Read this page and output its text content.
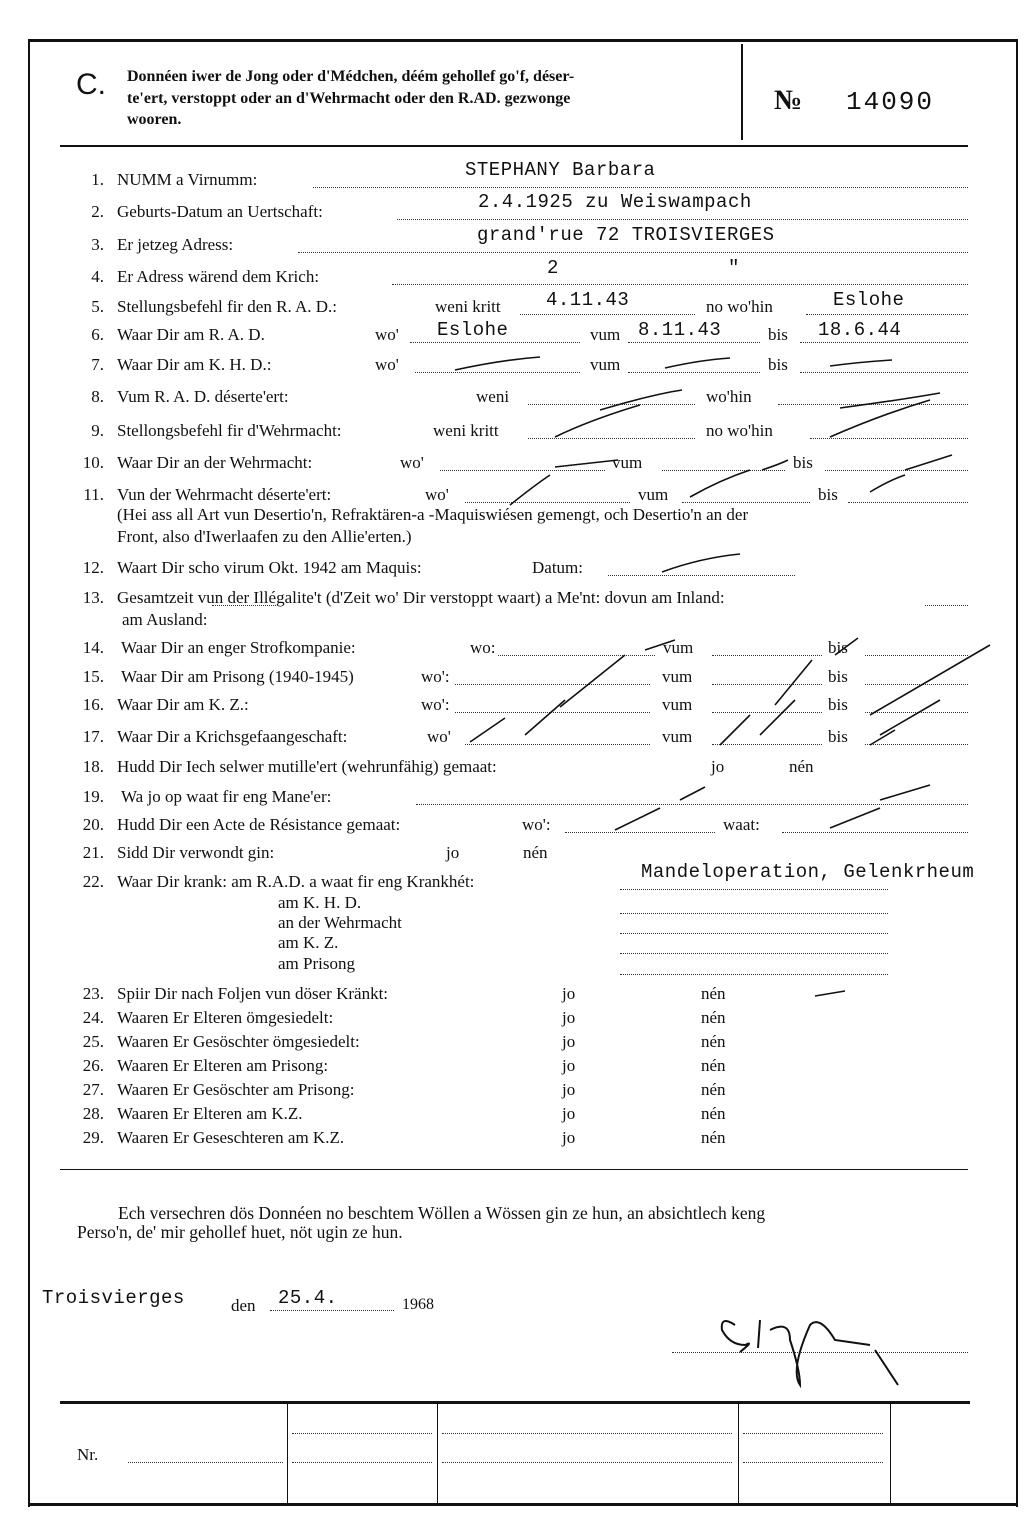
C. Donnéen iwer de Jong oder d'Médchen, déém gehollef go'f, déser-
te'ert, verstoppt oder an d'Wehrmacht oder den R.AD. gezwonge
wooren.
№ 14090
1. NUMM a Virnumm:	STEPHANY Barbara
2. Geburts-Datum an Uertschaft:	2.4.1925 zu Weiswampach
3. Er jetzeg Adress:	grand'rue 72 TROISVIERGES
4. Er Adress wärend dem Krich:	2	"
5. Stellungsbefehl fir den R. A. D.:	weni kritt 4.11.43	no wo'hin	Eslohe
6. Waar Dir am R. A. D.	wo' Eslohe	vum 8.11.43	bis 18.6.44
7. Waar Dir am K. H. D.:	wo'	vum	bis
8. Vum R. A. D. déserte'ert:	weni	wo'hin
9. Stellongsbefehl fir d'Wehrmacht:	weni kritt	no wo'hin
10. Waar Dir an der Wehrmacht:	wo'	vum	bis
11. Vun der Wehrmacht déserte'ert:	wo'	vum	bis
(Hei ass all Art vun Desertio'n, Refraktären-a -Maquiswiésen gemengt, och Desertio'n an der
Front, also d'Iwerlaafen zu den Allie'erten.)
12. Waart Dir scho virum Okt. 1942 am Maquis:	Datum:
13. Gesamtzeit vun der Illégalite't (d'Zeit wo' Dir verstoppt waart) a Me'nt: dovun am Inland:
am Ausland:
14. Waar Dir an enger Strofkompanie:	wo:	vum	bis
15. Waar Dir am Prisong (1940-1945)	wo':	vum	bis
16. Waar Dir am K. Z.:	wo':	vum	bis
17. Waar Dir a Krichsgefaangeschaft:	wo'	vum	bis
18. Hudd Dir Iech selwer mutille'ert (wehrunfähig) gemaat:	jo	nén
19. Wa jo op waat fir eng Mane'er:
20. Hudd Dir een Acte de Résistance gemaat:	wo':	waat:
21. Sidd Dir verwondt gin:	jo	nén
22. Waar Dir krank: am R.A.D. a waat fir eng Krankhét:	Mandeloperation, Gelenkrheum
am K. H. D.
an der Wehrmacht
am K. Z.
am Prisong
23. Spiir Dir nach Foljen vun döser Kränkt:	jo	nén
24. Waaren Er Elteren ömgesiedelt:	jo	nén
25. Waaren Er Gesöschter ömgesiedelt:	jo	nén
26. Waaren Er Elteren am Prisong:	jo	nén
27. Waaren Er Gesöschter am Prisong:	jo	nén
28. Waaren Er Elteren am K.Z.	jo	nén
29. Waaren Er Geseschteren am K.Z.	jo	nén
Ech versechren dös Donnéen no beschtem Wöllen a Wössen gin ze hun, an absichtlech keng
Perso'n, de' mir gehollef huet, nöt ugin ze hun.
Troisvierges	den 25.4.	1968
Nr.
